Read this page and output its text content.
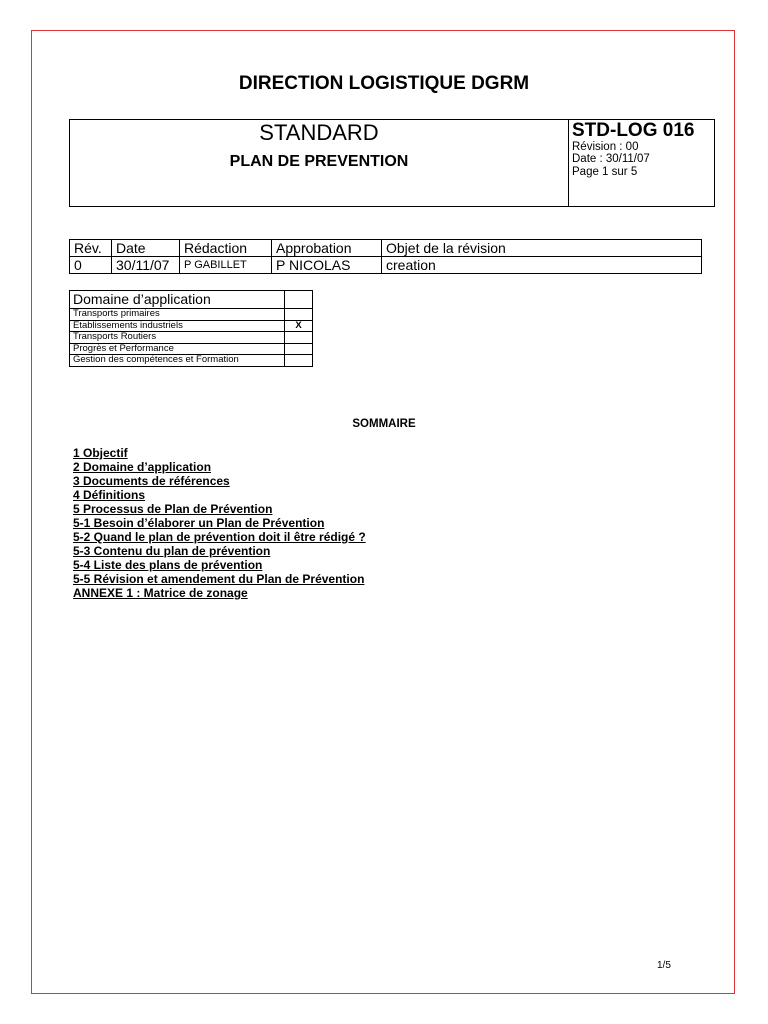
DIRECTION LOGISTIQUE DGRM
STANDARD
PLAN DE PREVENTION
STD-LOG 016
Révision : 00
Date : 30/11/07
Page 1 sur 5
Rév.	Date	Rédaction	Approbation	Objet de la révision
0	30/11/07	P GABILLET	P NICOLAS	creation
Domaine d’application	
Transports primaires	
Etablissements industriels	X
Transports Routiers	
Progrès et Performance	
Gestion des compétences et Formation	
SOMMAIRE
1 Objectif
2 Domaine d’application
3 Documents de références
4 Définitions
5 Processus de Plan de Prévention
5-1 Besoin d’élaborer un Plan de Prévention
5-2 Quand le plan de prévention doit il être rédigé ?
5-3 Contenu du plan de prévention
5-4 Liste des plans de prévention
5-5 Révision et amendement du Plan de Prévention
ANNEXE 1 : Matrice de zonage
1/5
